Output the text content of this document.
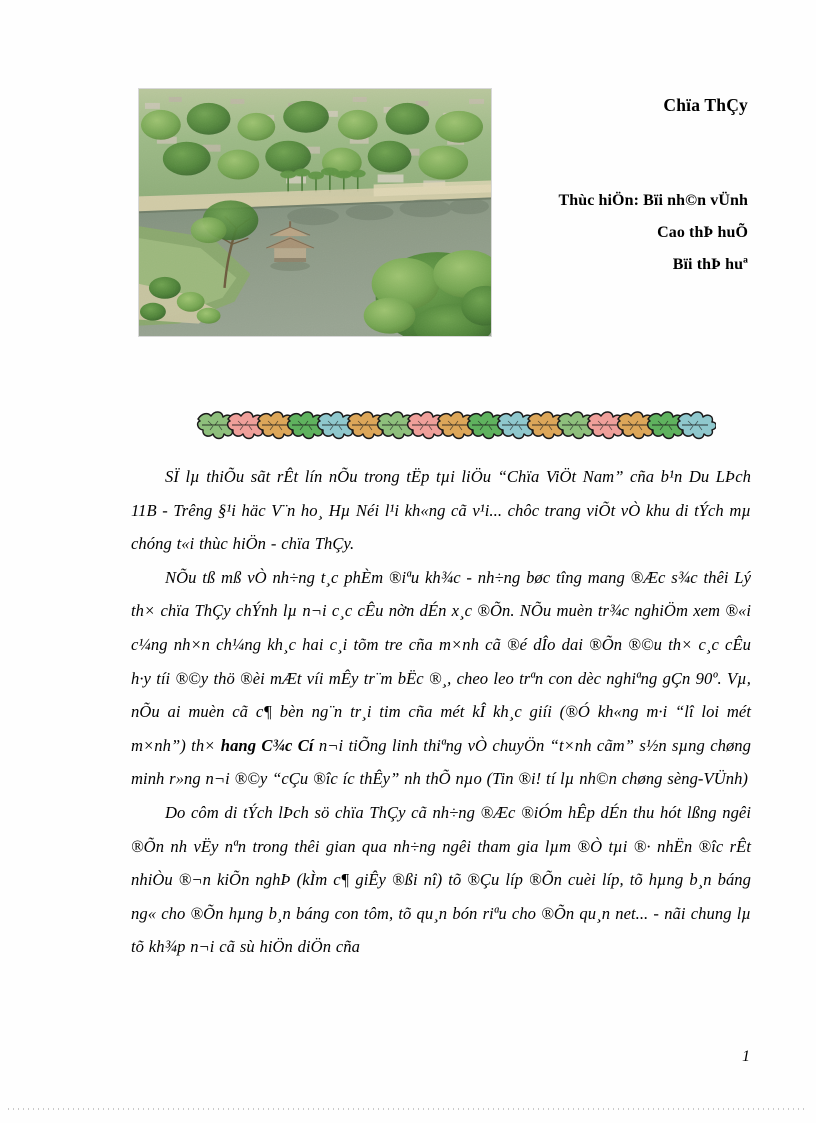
Chïa ThÇy
Thùc hiÖn: Bïi nh©n vÜnh
Cao thÞ huÕ
Bïi thÞ huª

SÏ lµ thiÕu sãt rÊt lín nÕu trong tËp tµi liÖu “Chïa ViÖt Nam” cña b¹n Du LÞch 11B - Trêng §¹i häc V¨n ho¸ Hµ Néi l¹i kh«ng cã v¹i... chôc trang viÕt vÒ khu di tÝch mµ chóng t«i thùc hiÖn - chïa ThÇy.

NÕu tß mß vÒ nh÷ng t¸c phÈm ®iªu kh¾c - nh÷ng bøc tîng mang ®Æc s¾c thêi Lý th× chïa ThÇy chÝnh lµ n¬i c¸c cÊu nờn dÉn x¸c ®Õn. NÕu muèn tr¾c nghiÖm xem ®«i c¼ng nh×n ch¼ng kh¸c hai c¸i tõm tre cña m×nh cã ®é dÎo dai ®Õn ®©u th× c¸c cÊu h·y tíi ®©y thö ®èi mÆt víi mÊy tr¨m bËc ®¸, cheo leo trªn con dèc nghiªng gÇn 90º. Vµ, nÕu ai muèn cã c¶ bèn ng¨n tr¸i tim cña mét kÎ kh¸c giíi (®Ó kh«ng m·i “lî loi mét m×nh”) th× hang C¾c Cí n¬i tiÕng linh thiªng vÒ chuyÖn “t×nh cãm” s½n sµng chøng minh r»ng n¬i ®©y “cÇu ®îc íc thÊy” nh thÕ nµo (Tin ®i! tí lµ nh©n chøng sèng-VÜnh)

Do côm di tÝch lÞch sö chïa ThÇy cã nh÷ng ®Æc ®iÓm hÊp dÉn thu hót lßng ngêi ®Õn nh vËy nªn trong thêi gian qua nh÷ng ngêi tham gia lµm ®Ò tµi ®· nhËn ®îc rÊt nhiÒu ®¬n kiÕn nghÞ (kÌm c¶ giÊy ®ßi nî) tõ ®Çu líp ®Õn cuèi líp, tõ hµng b¸n báng ng« cho ®Õn hµng b¸n báng con tôm, tõ qu¸n bón riªu cho ®Õn qu¸n net... - nãi chung lµ tõ kh¾p n¬i cã sù hiÖn diÖn cña

1
